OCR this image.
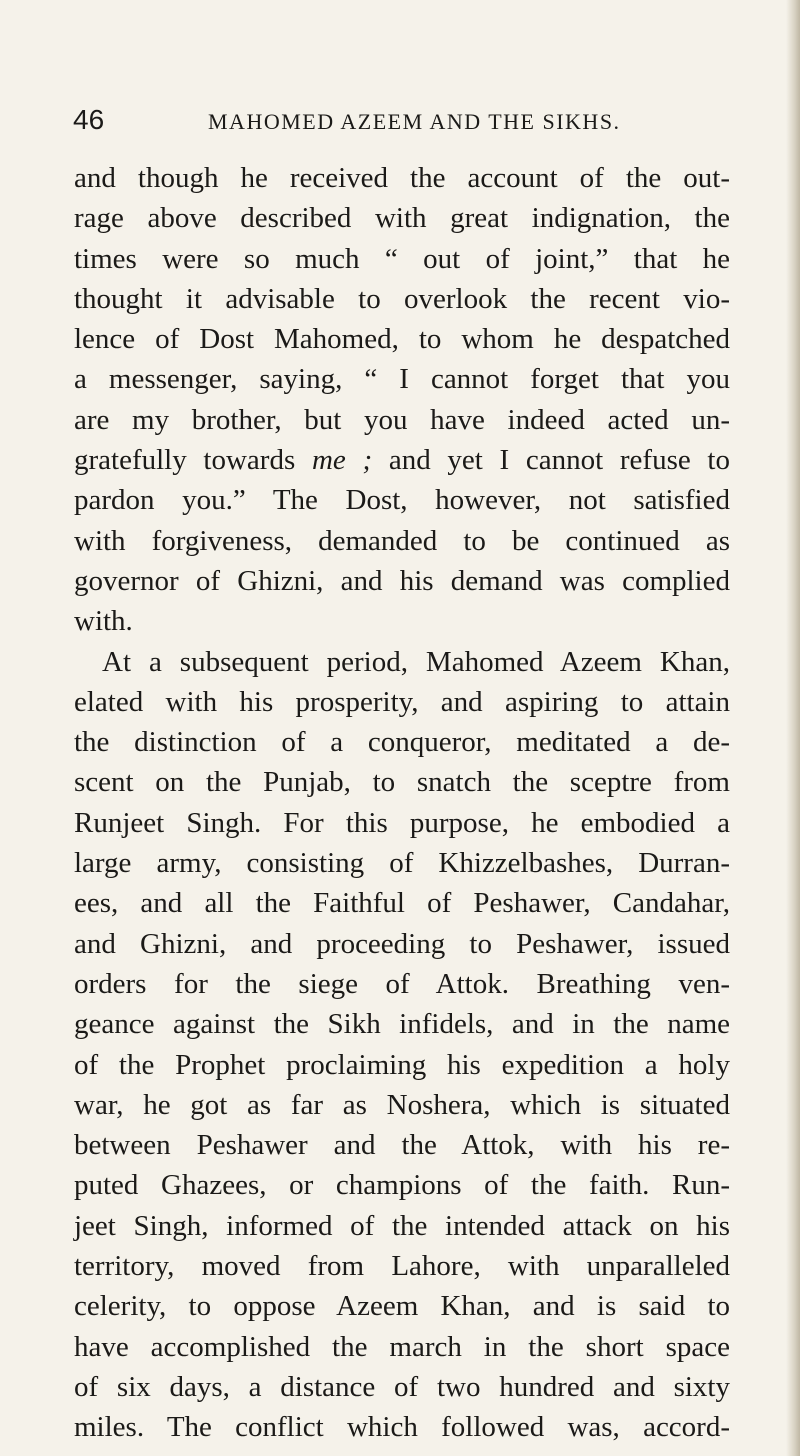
46	MAHOMED AZEEM AND THE SIKHS.
and though he received the account of the out-
rage above described with great indignation, the
times were so much “ out of joint,” that he
thought it advisable to overlook the recent vio-
lence of Dost Mahomed, to whom he despatched
a messenger, saying, “ I cannot forget that you
are my brother, but you have indeed acted un-
gratefully towards me ; and yet I cannot refuse to
pardon you.” The Dost, however, not satisfied
with forgiveness, demanded to be continued as
governor of Ghizni, and his demand was complied
with.
At a subsequent period, Mahomed Azeem Khan,
elated with his prosperity, and aspiring to attain
the distinction of a conqueror, meditated a de-
scent on the Punjab, to snatch the sceptre from
Runjeet Singh. For this purpose, he embodied a
large army, consisting of Khizzelbashes, Durran-
ees, and all the Faithful of Peshawer, Candahar,
and Ghizni, and proceeding to Peshawer, issued
orders for the siege of Attok. Breathing ven-
geance against the Sikh infidels, and in the name
of the Prophet proclaiming his expedition a holy
war, he got as far as Noshera, which is situated
between Peshawer and the Attok, with his re-
puted Ghazees, or champions of the faith. Run-
jeet Singh, informed of the intended attack on his
territory, moved from Lahore, with unparalleled
celerity, to oppose Azeem Khan, and is said to
have accomplished the march in the short space
of six days, a distance of two hundred and sixty
miles. The conflict which followed was, accord-
